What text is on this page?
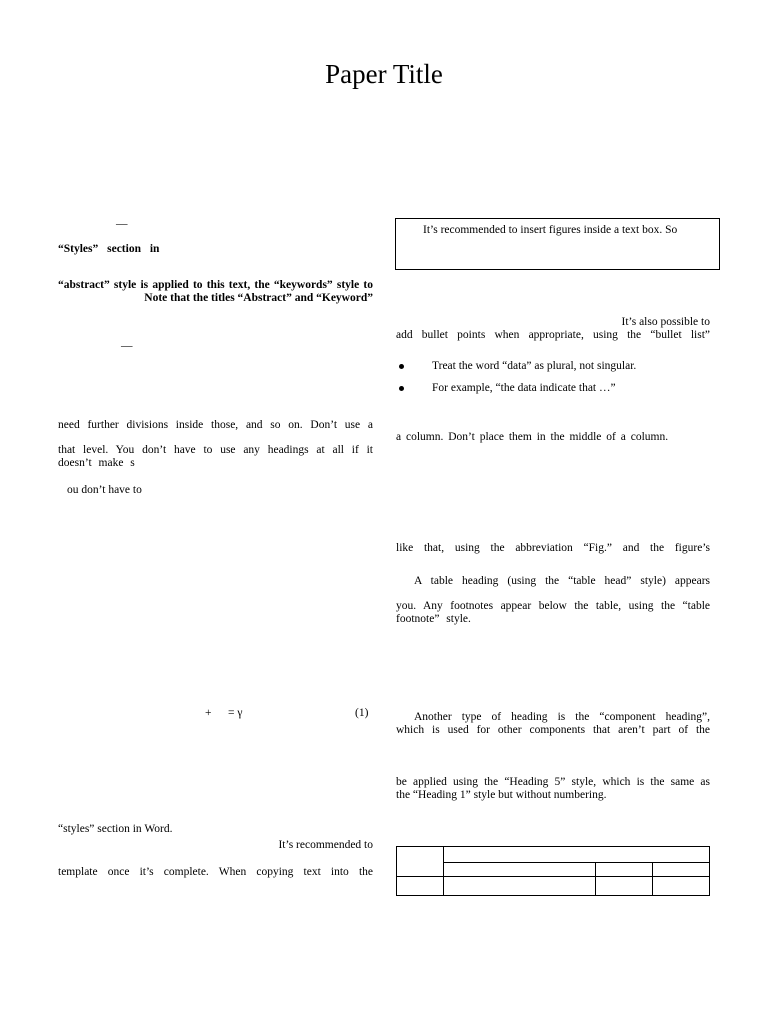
Paper Title
—
“Styles” section in
“abstract” style is applied to this text, the “keywords” style to
Note that the titles “Abstract” and “Keyword”
—
need further divisions inside those, and so on. Don’t use a
that level. You don’t have to use any headings at all if it
doesn’t make s
ou don’t have to
+ = γ	(1)
“styles” section in Word.
It’s recommended to
template once it’s complete. When copying text into the
It’s recommended to insert figures inside a text box. So
It’s also possible to
add bullet points when appropriate, using the “bullet list”
Treat the word “data” as plural, not singular.
For example, “the data indicate that …”
a column. Don’t place them in the middle of a column.
like that, using the abbreviation “Fig.” and the figure’s
A table heading (using the “table head” style) appears
you. Any footnotes appear below the table, using the “table
footnote” style.
Another type of heading is the “component heading”,
which is used for other components that aren’t part of the
be applied using the “Heading 5” style, which is the same as
the “Heading 1” style but without numbering.
